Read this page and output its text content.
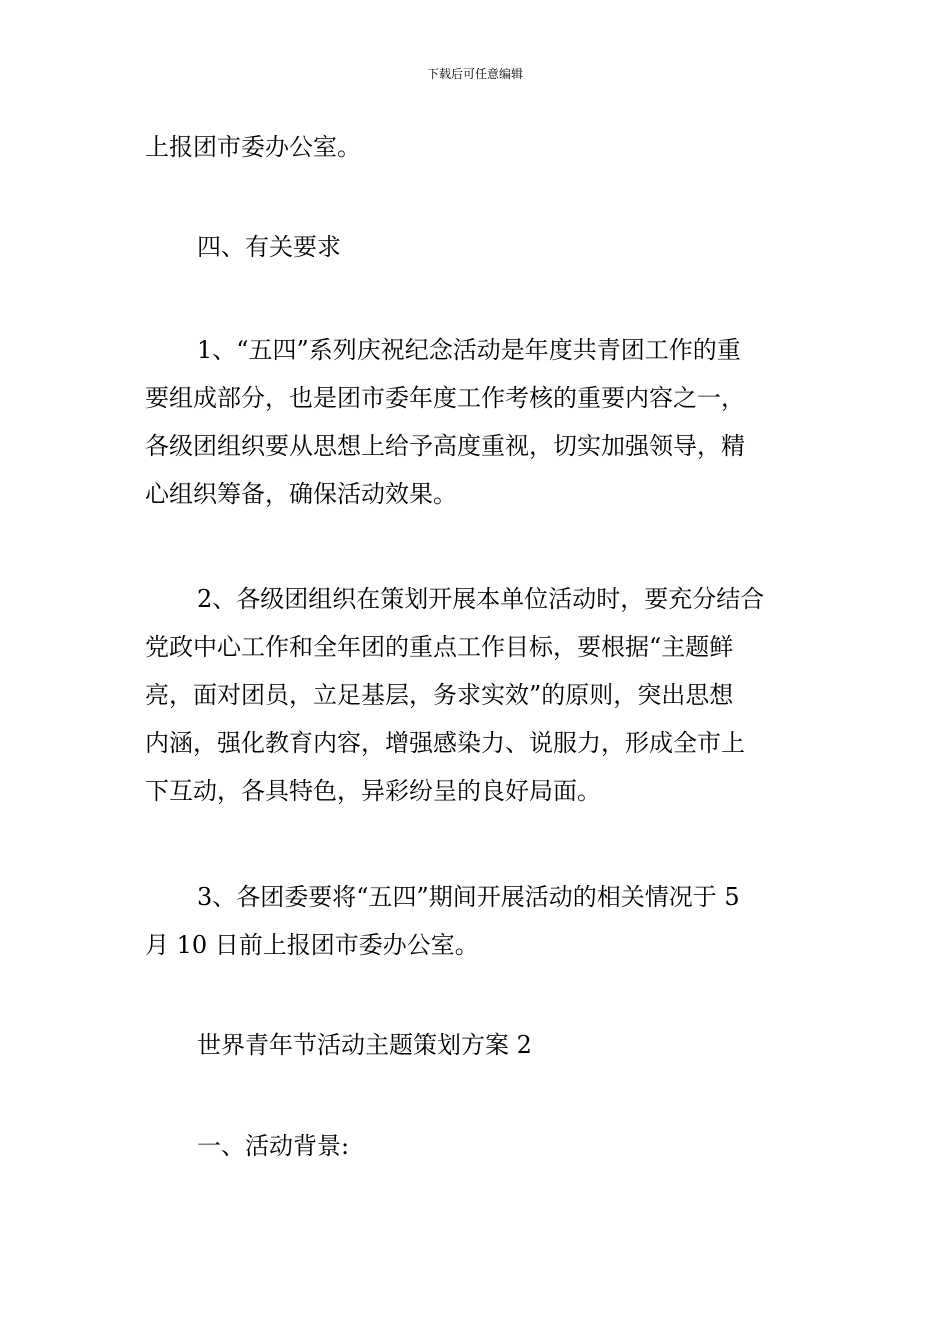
下载后可任意编辑
上报团市委办公室。
四、有关要求
1、“五四”系列庆祝纪念活动是年度共青团工作的重
要组成部分，也是团市委年度工作考核的重要内容之一，
各级团组织要从思想上给予高度重视，切实加强领导，精
心组织筹备，确保活动效果。
2、各级团组织在策划开展本单位活动时，要充分结合
党政中心工作和全年团的重点工作目标，要根据“主题鲜
亮，面对团员，立足基层，务求实效”的原则，突出思想
内涵，强化教育内容，增强感染力、说服力，形成全市上
下互动，各具特色，异彩纷呈的良好局面。
3、各团委要将“五四”期间开展活动的相关情况于 5
月 10 日前上报团市委办公室。
世界青年节活动主题策划方案 2
一、活动背景:
